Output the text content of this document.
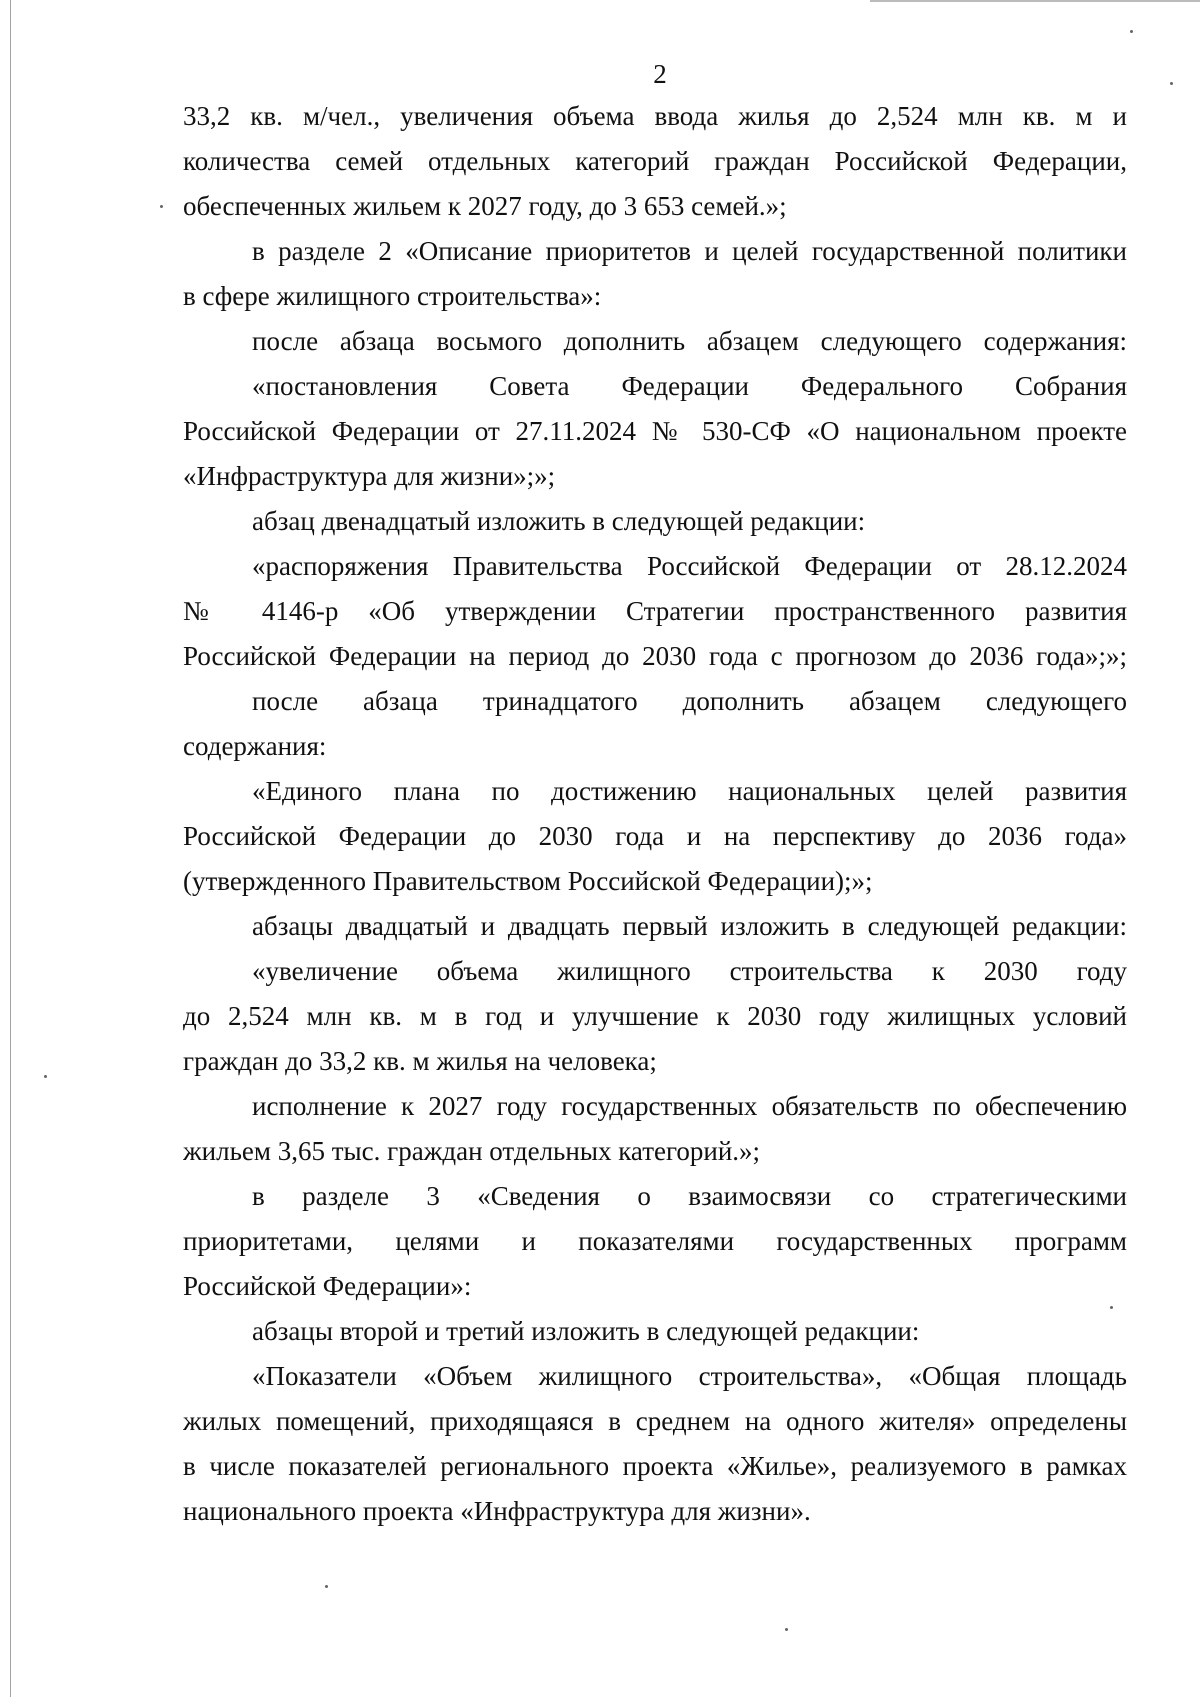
2
33,2 кв. м/чел., увеличения объема ввода жилья до 2,524 млн кв. м и
количества семей отдельных категорий граждан Российской Федерации,
обеспеченных жильем к 2027 году, до 3 653 семей.»;
в разделе 2 «Описание приоритетов и целей государственной политики
в сфере жилищного строительства»:
после абзаца восьмого дополнить абзацем следующего содержания:
«постановления Совета Федерации Федерального Собрания
Российской Федерации от 27.11.2024 № 530-СФ «О национальном проекте
«Инфраструктура для жизни»;»;
абзац двенадцатый изложить в следующей редакции:
«распоряжения Правительства Российской Федерации от 28.12.2024
№ 4146-р «Об утверждении Стратегии пространственного развития
Российской Федерации на период до 2030 года с прогнозом до 2036 года»;»;
после абзаца тринадцатого дополнить абзацем следующего
содержания:
«Единого плана по достижению национальных целей развития
Российской Федерации до 2030 года и на перспективу до 2036 года»
(утвержденного Правительством Российской Федерации);»;
абзацы двадцатый и двадцать первый изложить в следующей редакции:
«увеличение объема жилищного строительства к 2030 году
до 2,524 млн кв. м в год и улучшение к 2030 году жилищных условий
граждан до 33,2 кв. м жилья на человека;
исполнение к 2027 году государственных обязательств по обеспечению
жильем 3,65 тыс. граждан отдельных категорий.»;
в разделе 3 «Сведения о взаимосвязи со стратегическими
приоритетами, целями и показателями государственных программ
Российской Федерации»:
абзацы второй и третий изложить в следующей редакции:
«Показатели «Объем жилищного строительства», «Общая площадь
жилых помещений, приходящаяся в среднем на одного жителя» определены
в числе показателей регионального проекта «Жилье», реализуемого в рамках
национального проекта «Инфраструктура для жизни».
